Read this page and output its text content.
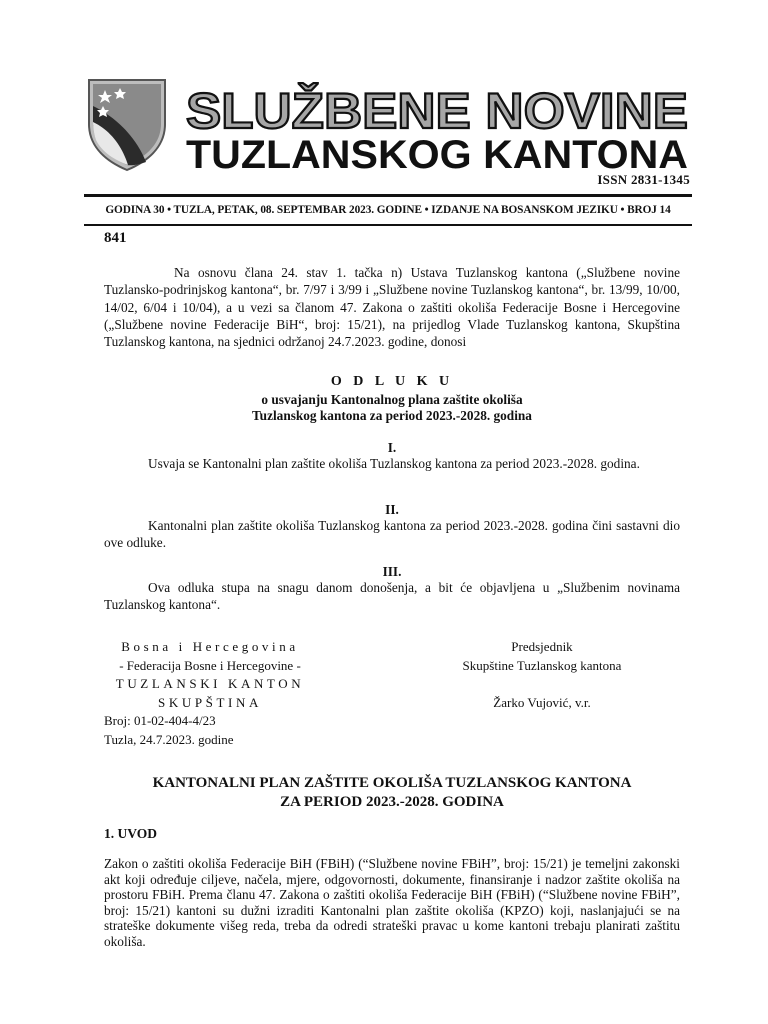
SLUŽBENE NOVINE
TUZLANSKOG KANTONA
ISSN 2831-1345
GODINA 30 • TUZLA, PETAK, 08. SEPTEMBAR 2023. GODINE • IZDANJE NA BOSANSKOM JEZIKU • BROJ 14
841
Na osnovu člana 24. stav 1. tačka n) Ustava Tuzlanskog kantona („Službene novine Tuzlansko-podrinjskog kantona“, br. 7/97 i 3/99 i „Službene novine Tuzlanskog kantona“, br. 13/99, 10/00, 14/02, 6/04 i 10/04), a u vezi sa članom 47. Zakona o zaštiti okoliša Federacije Bosne i Hercegovine („Službene novine Federacije BiH“, broj: 15/21), na prijedlog Vlade Tuzlanskog kantona, Skupština Tuzlanskog kantona, na sjednici održanoj 24.7.2023. godine, donosi
O D L U K U
o usvajanju Kantonalnog plana zaštite okoliša
Tuzlanskog kantona za period 2023.-2028. godina
I.
Usvaja se Kantonalni plan zaštite okoliša Tuzlanskog kantona za period 2023.-2028. godina.
II.
Kantonalni plan zaštite okoliša Tuzlanskog kantona za period 2023.-2028. godina čini sastavni dio ove odluke.
III.
Ova odluka stupa na snagu danom donošenja, a bit će objavljena u „Službenim novinama Tuzlanskog kantona“.
Bosna i Hercegovina
- Federacija Bosne i Hercegovine -
TUZLANSKI KANTON
SKUPŠTINA
Broj: 01-02-404-4/23
Tuzla, 24.7.2023. godine
Predsjednik
Skupštine Tuzlanskog kantona
Žarko Vujović, v.r.
KANTONALNI PLAN ZAŠTITE OKOLIŠA TUZLANSKOG KANTONA
ZA PERIOD 2023.-2028. GODINA
1. UVOD
Zakon o zaštiti okoliša Federacije BiH (FBiH) (“Službene novine FBiH”, broj: 15/21) je temeljni zakonski akt koji određuje ciljeve, načela, mjere, odgovornosti, dokumente, finansiranje i nadzor zaštite okoliša na prostoru FBiH. Prema članu 47. Zakona o zaštiti okoliša Federacije BiH (FBiH) (“Službene novine FBiH”, broj: 15/21) kantoni su dužni izraditi Kantonalni plan zaštite okoliša (KPZO) koji, naslanjajući se na strateške dokumente višeg reda, treba da odredi strateški pravac u kome kantoni trebaju planirati zaštitu okoliša.
